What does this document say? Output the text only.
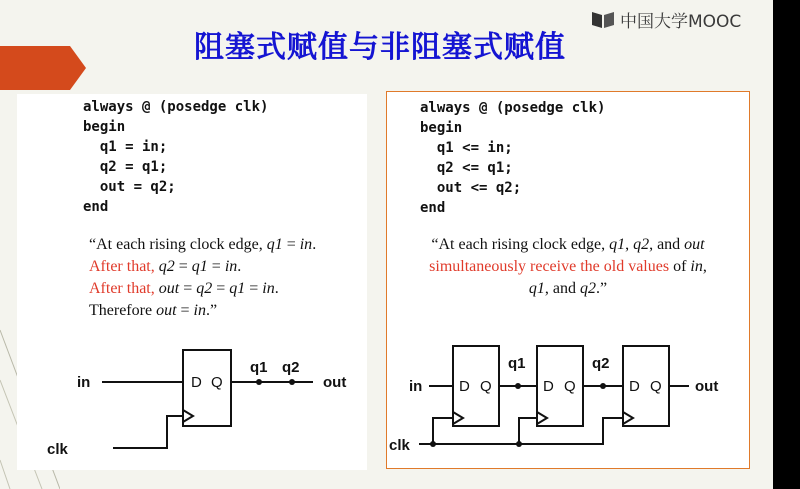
阻塞式赋值与非阻塞式赋值
中国大学MOOC
always @ (posedge clk)
begin
q1 = in;
q2 = q1;
out = q2;
end
“At each rising clock edge, q1 = in.
After that, q2 = q1 = in.
After that, out = q2 = q1 = in.
Therefore out = in.”
in
clk
q1 q2
out
D Q
always @ (posedge clk)
begin
q1 <= in;
q2 <= q1;
out <= q2;
end
“At each rising clock edge, q1, q2, and out
simultaneously receive the old values of in,
q1, and q2.”
in
clk
q1	q2
out
D Q	D Q	D Q
